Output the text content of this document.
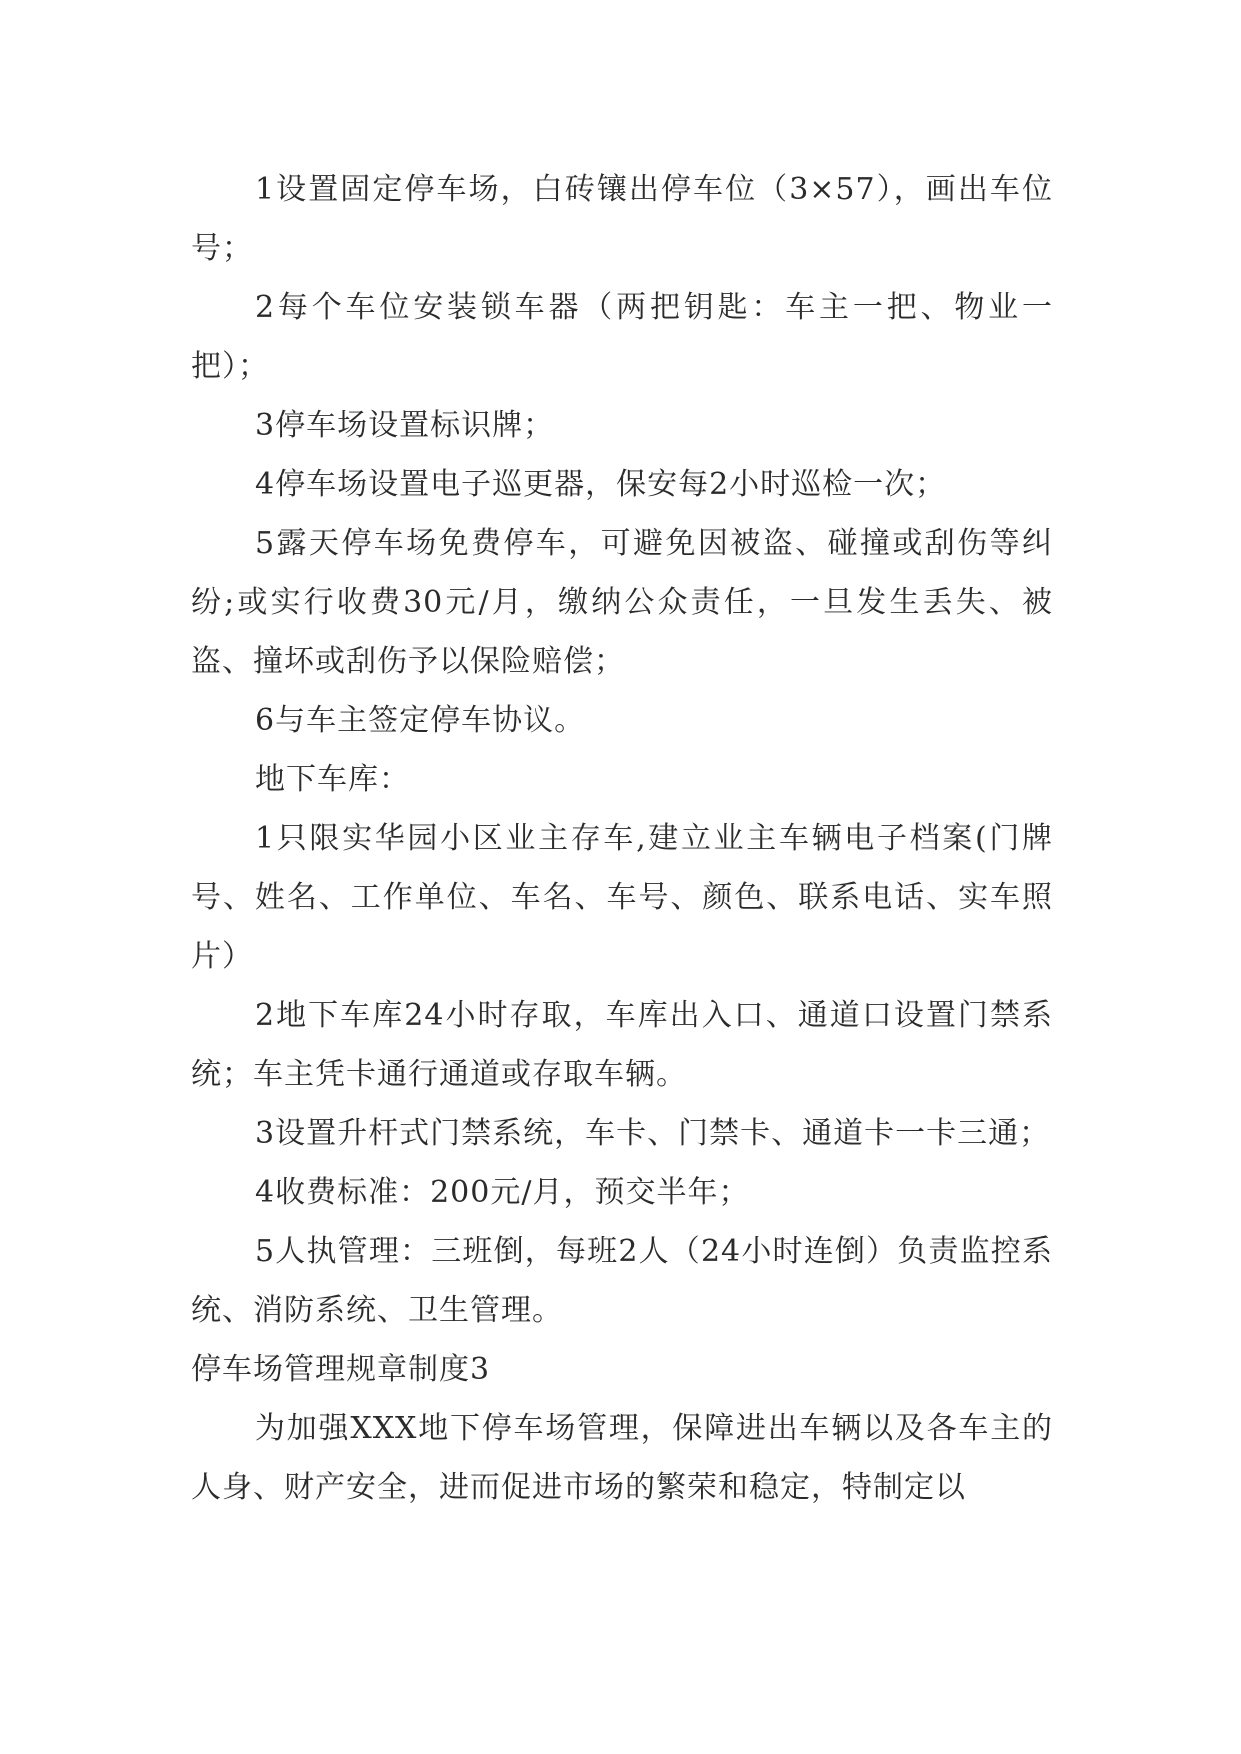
1设置固定停车场，白砖镶出停车位（3×57），画出车位号；

2每个车位安装锁车器（两把钥匙：车主一把、物业一把）；

3停车场设置标识牌；

4停车场设置电子巡更器，保安每2小时巡检一次；

5露天停车场免费停车，可避免因被盗、碰撞或刮伤等纠纷;或实行收费30元/月，缴纳公众责任，一旦发生丢失、被盗、撞坏或刮伤予以保险赔偿；

6与车主签定停车协议。

地下车库：

1只限实华园小区业主存车,建立业主车辆电子档案(门牌号、姓名、工作单位、车名、车号、颜色、联系电话、实车照片）

2地下车库24小时存取，车库出入口、通道口设置门禁系统；车主凭卡通行通道或存取车辆。

3设置升杆式门禁系统，车卡、门禁卡、通道卡一卡三通；

4收费标准：200元/月，预交半年；

5人执管理：三班倒，每班2人（24小时连倒）负责监控系统、消防系统、卫生管理。

停车场管理规章制度3

为加强XXX地下停车场管理，保障进出车辆以及各车主的人身、财产安全，进而促进市场的繁荣和稳定，特制定以
